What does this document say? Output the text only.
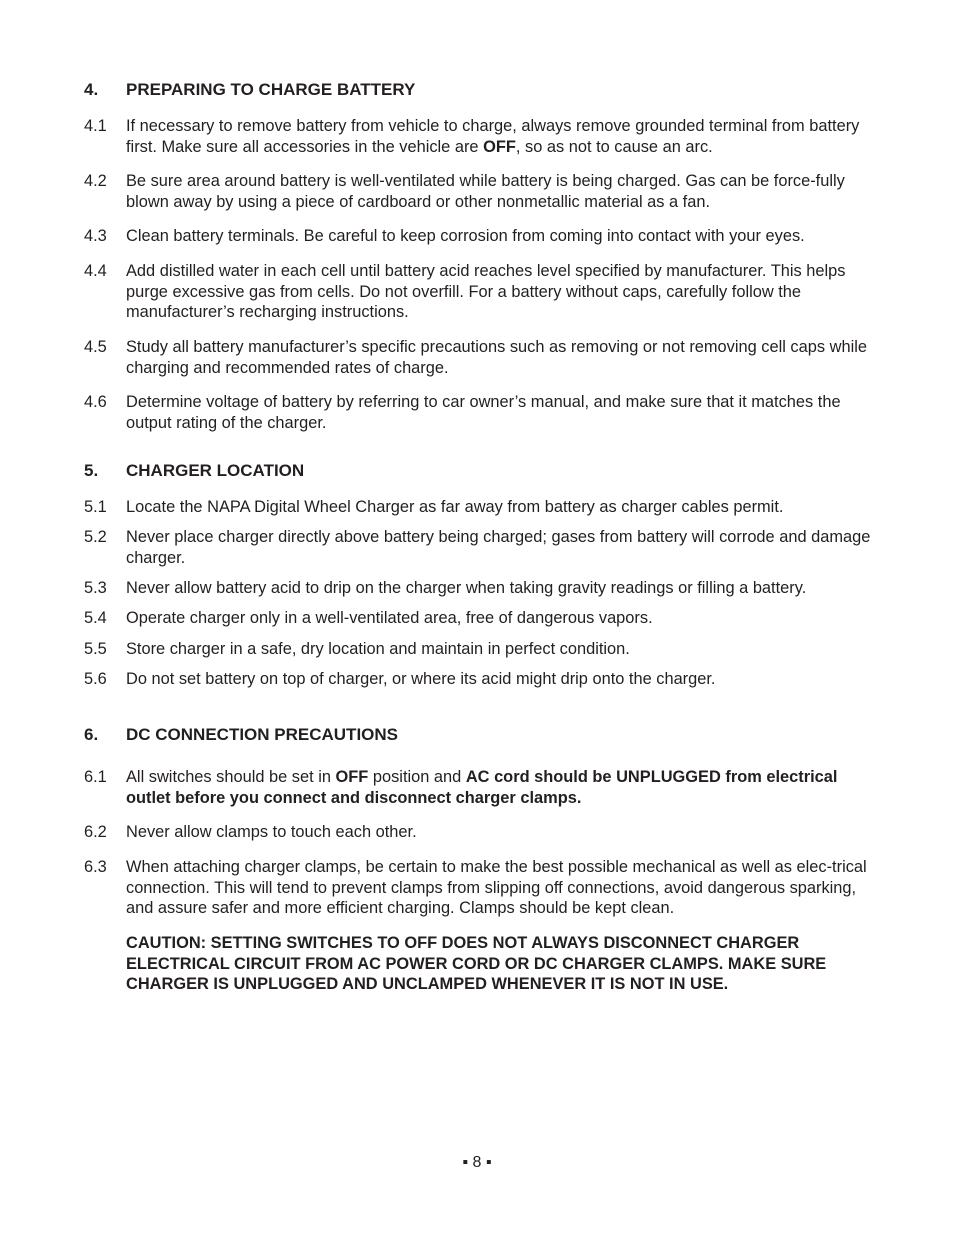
4. PREPARING TO CHARGE BATTERY
4.1 If necessary to remove battery from vehicle to charge, always remove grounded terminal from battery first. Make sure all accessories in the vehicle are OFF, so as not to cause an arc.
4.2 Be sure area around battery is well-ventilated while battery is being charged. Gas can be force-fully blown away by using a piece of cardboard or other nonmetallic material as a fan.
4.3 Clean battery terminals. Be careful to keep corrosion from coming into contact with your eyes.
4.4 Add distilled water in each cell until battery acid reaches level specified by manufacturer. This helps purge excessive gas from cells. Do not overfill. For a battery without caps, carefully follow the manufacturer’s recharging instructions.
4.5 Study all battery manufacturer’s specific precautions such as removing or not removing cell caps while charging and recommended rates of charge.
4.6 Determine voltage of battery by referring to car owner’s manual, and make sure that it matches the output rating of the charger.
5. CHARGER LOCATION
5.1 Locate the NAPA Digital Wheel Charger as far away from battery as charger cables permit.
5.2 Never place charger directly above battery being charged; gases from battery will corrode and damage charger.
5.3 Never allow battery acid to drip on the charger when taking gravity readings or filling a battery.
5.4 Operate charger only in a well-ventilated area, free of dangerous vapors.
5.5 Store charger in a safe, dry location and maintain in perfect condition.
5.6 Do not set battery on top of charger, or where its acid might drip onto the charger.
6. DC CONNECTION PRECAUTIONS
6.1 All switches should be set in OFF position and AC cord should be UNPLUGGED from electrical outlet before you connect and disconnect charger clamps.
6.2 Never allow clamps to touch each other.
6.3 When attaching charger clamps, be certain to make the best possible mechanical as well as elec-trical connection. This will tend to prevent clamps from slipping off connections, avoid dangerous sparking, and assure safer and more efficient charging. Clamps should be kept clean.
CAUTION: SETTING SWITCHES TO OFF DOES NOT ALWAYS DISCONNECT CHARGER ELECTRICAL CIRCUIT FROM AC POWER CORD OR DC CHARGER CLAMPS. MAKE SURE CHARGER IS UNPLUGGED AND UNCLAMPED WHENEVER IT IS NOT IN USE.
▪ 8 ▪
